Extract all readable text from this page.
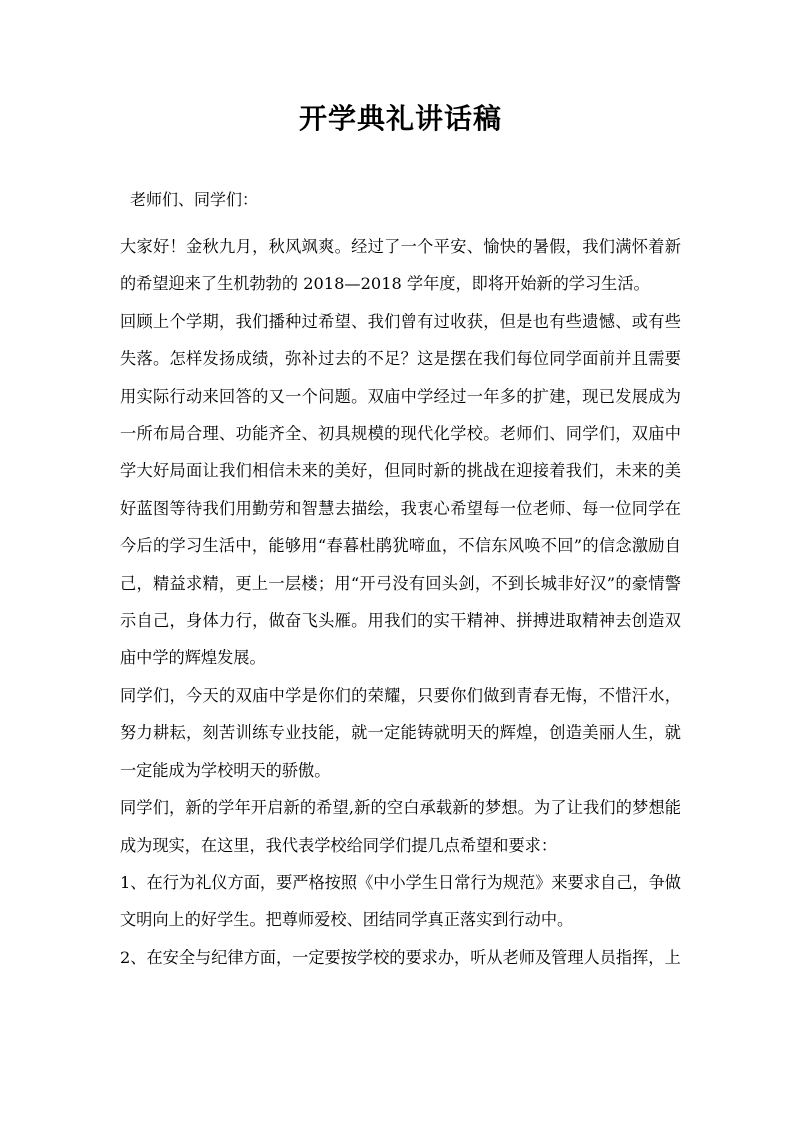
开学典礼讲话稿

老师们、同学们：

大家好！金秋九月，秋风飒爽。经过了一个平安、愉快的暑假，我们满怀着新的希望迎来了生机勃勃的 2018—2018 学年度，即将开始新的学习生活。

回顾上个学期，我们播种过希望、我们曾有过收获，但是也有些遗憾、或有些失落。怎样发扬成绩，弥补过去的不足？这是摆在我们每位同学面前并且需要用实际行动来回答的又一个问题。双庙中学经过一年多的扩建，现已发展成为一所布局合理、功能齐全、初具规模的现代化学校。老师们、同学们，双庙中学大好局面让我们相信未来的美好，但同时新的挑战在迎接着我们，未来的美好蓝图等待我们用勤劳和智慧去描绘，我衷心希望每一位老师、每一位同学在今后的学习生活中，能够用“春暮杜鹃犹啼血，不信东风唤不回”的信念激励自己，精益求精，更上一层楼；用“开弓没有回头剑，不到长城非好汉”的豪情警示自己，身体力行，做奋飞头雁。用我们的实干精神、拼搏进取精神去创造双庙中学的辉煌发展。

同学们，今天的双庙中学是你们的荣耀，只要你们做到青春无悔，不惜汗水，努力耕耘，刻苦训练专业技能，就一定能铸就明天的辉煌，创造美丽人生，就一定能成为学校明天的骄傲。

同学们，新的学年开启新的希望,新的空白承载新的梦想。为了让我们的梦想能成为现实，在这里，我代表学校给同学们提几点希望和要求：

1、在行为礼仪方面，要严格按照《中小学生日常行为规范》来要求自己，争做文明向上的好学生。把尊师爱校、团结同学真正落实到行动中。

2、在安全与纪律方面，一定要按学校的要求办，听从老师及管理人员指挥，上
